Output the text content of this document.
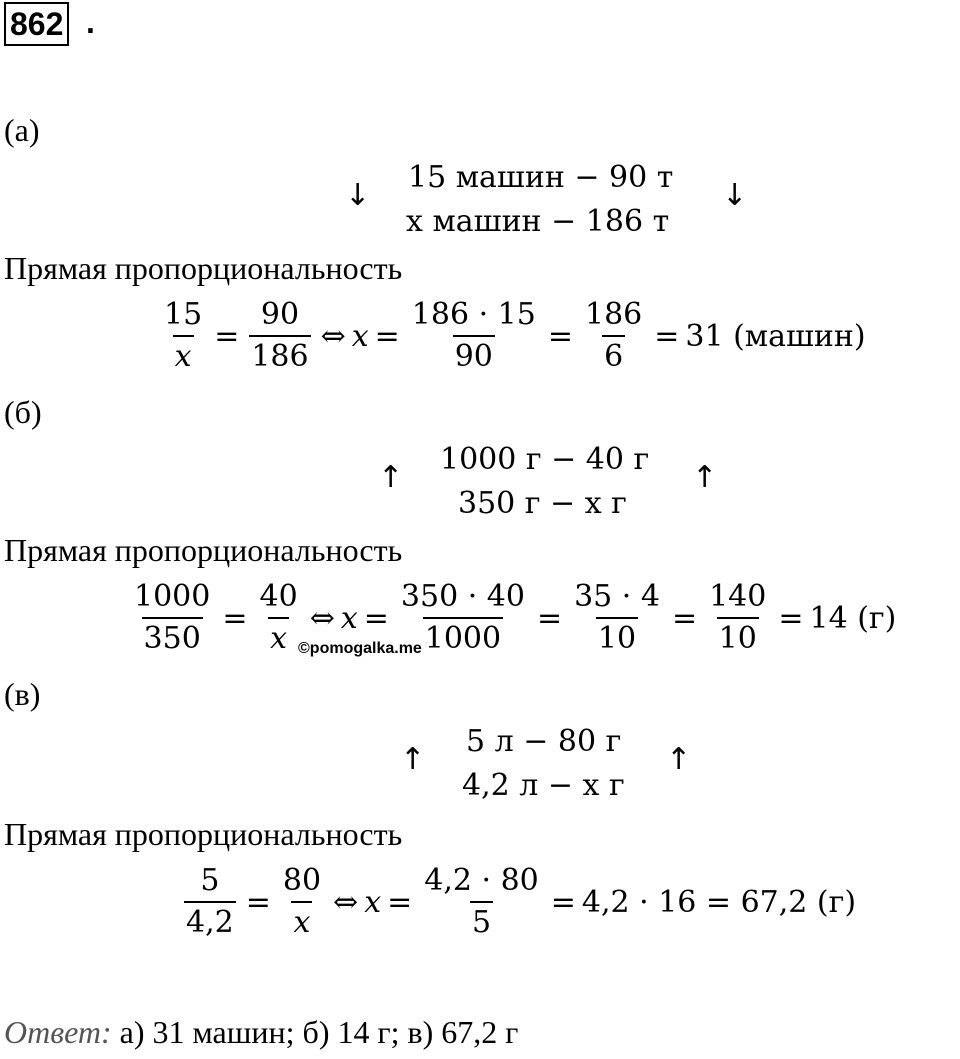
862 .
(а)
↓
15 машин − 90 т
x машин − 186 т
↓
Прямая пропорциональность
$\frac{15}{x} = \frac{90}{186}$ ⇔ $x = \frac{186 \cdot 15}{90} = \frac{186}{6} = 31$ (машин)
(б)
↑
1000 г − 40 г
350 г − x г
↑
Прямая пропорциональность
$\frac{1000}{350} = \frac{40}{x}$ ⇔ $x = \frac{350 \cdot 40}{1000} = \frac{35 \cdot 4}{10} = \frac{140}{10} = 14$ (г)
©pomogalka.me
(в)
↑
5 л − 80 г
4,2 л − x г
↑
Прямая пропорциональность
$\frac{5}{4,2} = \frac{80}{x}$ ⇔ $x = \frac{4,2 \cdot 80}{5} = 4,2 \cdot 16 = 67,2$ (г)
Ответ: а) 31 машин; б) 14 г; в) 67,2 г
